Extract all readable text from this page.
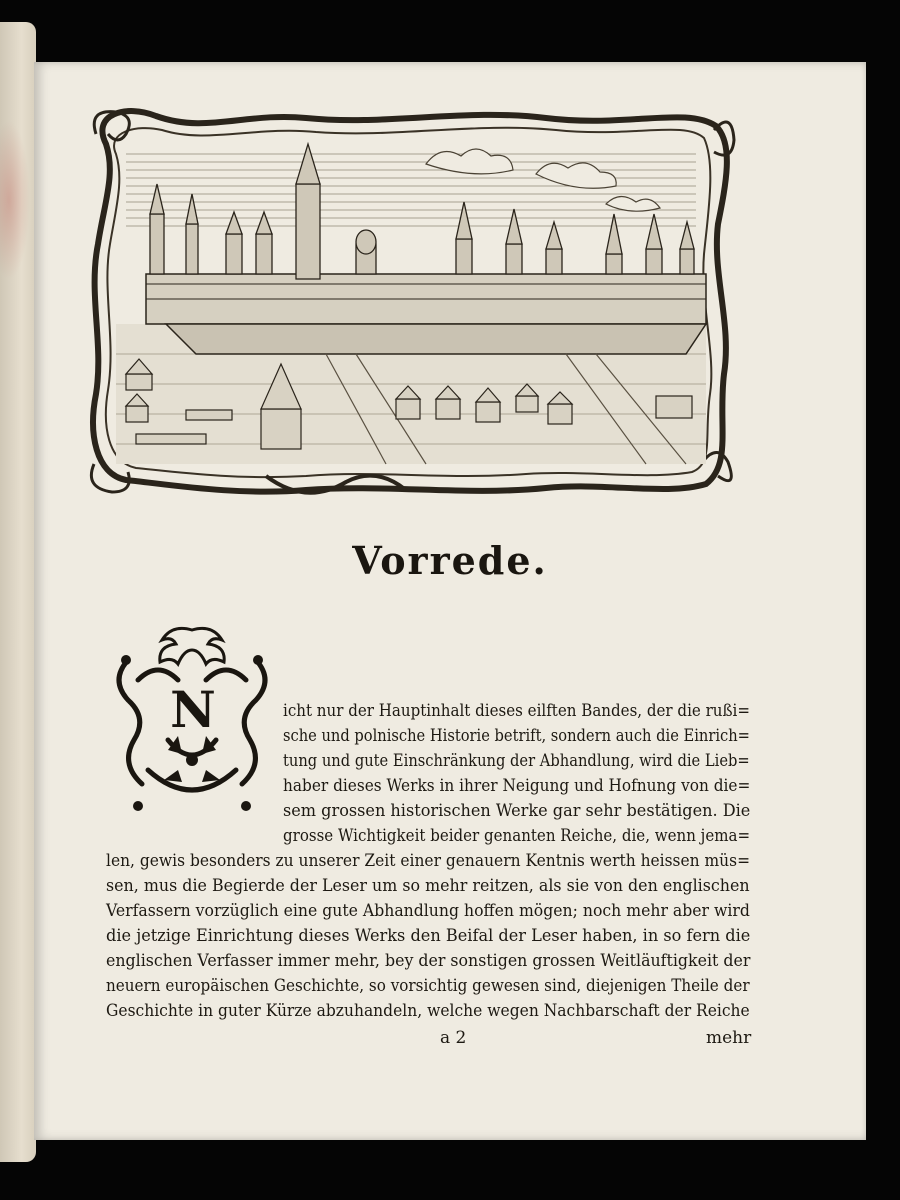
Vorrede.
N	icht nur der Hauptinhalt dieses eilften Bandes, der die rußi=
sche und polnische Historie betrift, sondern auch die Einrich=
tung und gute Einschränkung der Abhandlung, wird die Lieb=
haber dieses Werks in ihrer Neigung und Hofnung von die=
sem grossen historischen Werke gar sehr bestätigen. Die
grosse Wichtigkeit beider genanten Reiche, die, wenn jema=
len, gewis besonders zu unserer Zeit einer genauern Kentnis werth heissen müs=
sen, mus die Begierde der Leser um so mehr reitzen, als sie von den englischen
Verfassern vorzüglich eine gute Abhandlung hoffen mögen; noch mehr aber wird
die jetzige Einrichtung dieses Werks den Beifal der Leser haben, in so fern die
englischen Verfasser immer mehr, bey der sonstigen grossen Weitläuftigkeit der
neuern europäischen Geschichte, so vorsichtig gewesen sind, diejenigen Theile der
Geschichte in guter Kürze abzuhandeln, welche wegen Nachbarschaft der Reiche
a 2	mehr
